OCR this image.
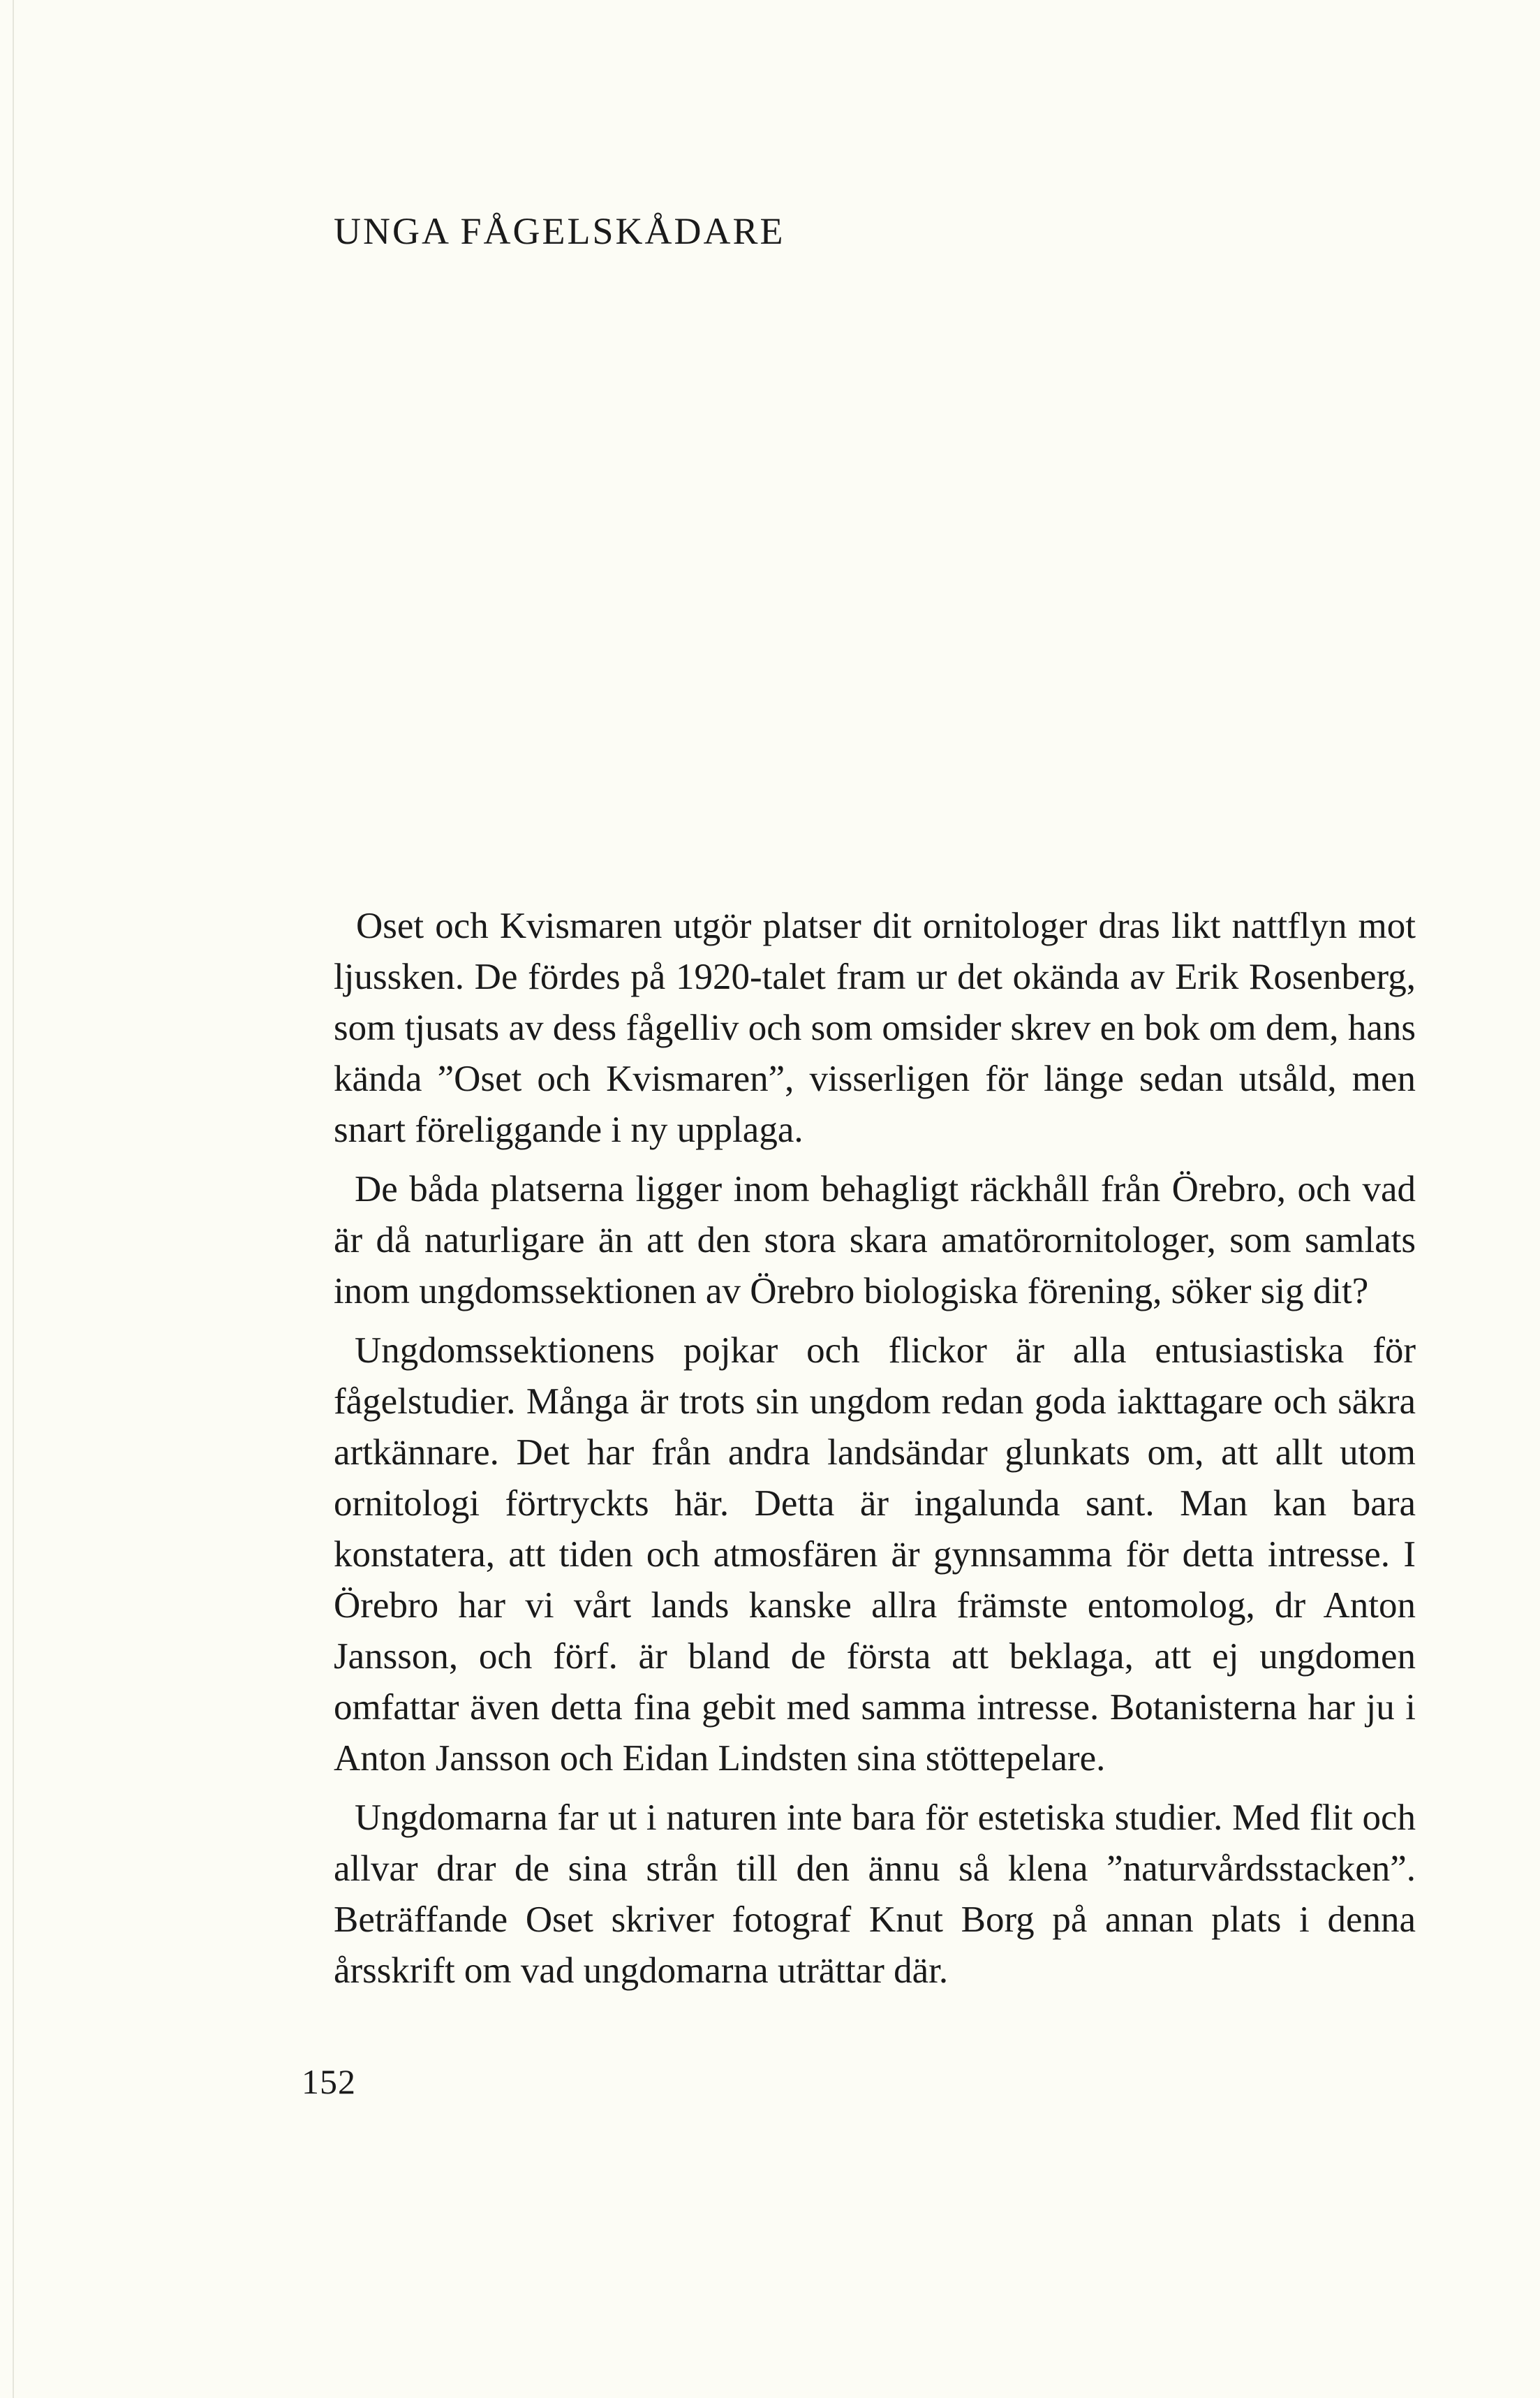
UNGA FÅGELSKÅDARE

Oset och Kvismaren utgör platser dit ornitologer dras likt nattflyn mot ljussken. De fördes på 1920-talet fram ur det okända av Erik Rosenberg, som tjusats av dess fågelliv och som omsider skrev en bok om dem, hans kända ”Oset och Kvismaren”, visserligen för länge sedan utsåld, men snart föreliggande i ny upplaga.

De båda platserna ligger inom behagligt räckhåll från Örebro, och vad är då naturligare än att den stora skara amatörornitologer, som samlats inom ungdomssektionen av Örebro biologiska förening, söker sig dit?

Ungdomssektionens pojkar och flickor är alla entusiastiska för fågelstudier. Många är trots sin ungdom redan goda iakttagare och säkra artkännare. Det har från andra landsändar glunkats om, att allt utom ornitologi förtryckts här. Detta är ingalunda sant. Man kan bara konstatera, att tiden och atmosfären är gynnsamma för detta intresse. I Örebro har vi vårt lands kanske allra främste entomolog, dr Anton Jansson, och förf. är bland de första att beklaga, att ej ungdomen omfattar även detta fina gebit med samma intresse. Botanisterna har ju i Anton Jansson och Eidan Lindsten sina stöttepelare.

Ungdomarna far ut i naturen inte bara för estetiska studier. Med flit och allvar drar de sina strån till den ännu så klena ”naturvårdsstacken”. Beträffande Oset skriver fotograf Knut Borg på annan plats i denna årsskrift om vad ungdomarna uträttar där.

152
